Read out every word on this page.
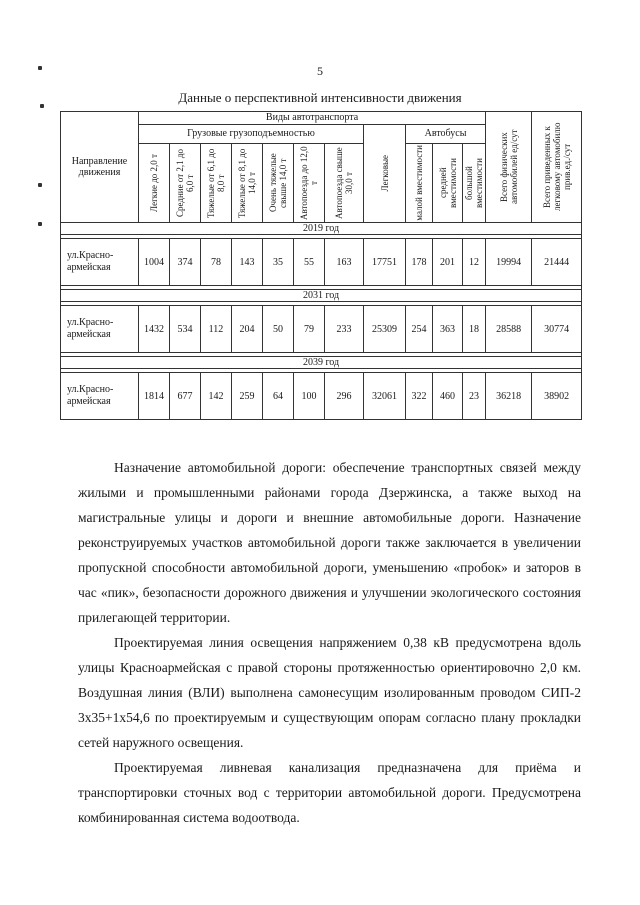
5
Данные о перспективной интенсивности движения
Направление движения	Виды автотранспорта											Всего физических автомобилей ед/сут	Всего приведенных к легковому автомобилю прив.ед./сут

	Грузовые грузоподъемностью							Легковые	Автобусы				

	Легкие до 2,0 т	Средние от 2,1 до 6,0 т	Тяжелые от 6,1 до 8,0 т	Тяжелые от 8,1 до 14,0 т	Очень тяжелые свыше 14,0 т	Автопоезда до 12,0 т	Автопоезда свыше 30,0 т		малой вместимости	средней вместимости	большой вместимости		

2019 год													

ул.Красно-армейская	1004	374	78	143	35	55	163	17751	178	201	12	19994	21444

2031 год													

ул.Красно-армейская	1432	534	112	204	50	79	233	25309	254	363	18	28588	30774

2039 год													

ул.Красно-армейская	1814	677	142	259	64	100	296	32061	322	460	23	36218	38902

Назначение автомобильной дороги: обеспечение транспортных связей между жилыми и промышленными районами города Дзержинска, а также выход на магистральные улицы и дороги и внешние автомобильные дороги. Назначение реконструируемых участков автомобильной дороги также заключается в увеличении пропускной способности автомобильной дороги, уменьшению «пробок» и заторов в час «пик», безопасности дорожного движения и улучшении экологического состояния прилегающей территории.

Проектируемая линия освещения напряжением 0,38 кВ предусмотрена вдоль улицы Красноармейская с правой стороны протяженностью ориентировочно 2,0 км. Воздушная линия (ВЛИ) выполнена самонесущим изолированным проводом СИП-2 3х35+1х54,6 по проектируемым и существующим опорам согласно плану прокладки сетей наружного освещения.

Проектируемая ливневая канализация предназначена для приёма и транспортировки сточных вод с территории автомобильной дороги. Предусмотрена комбинированная система водоотвода.
